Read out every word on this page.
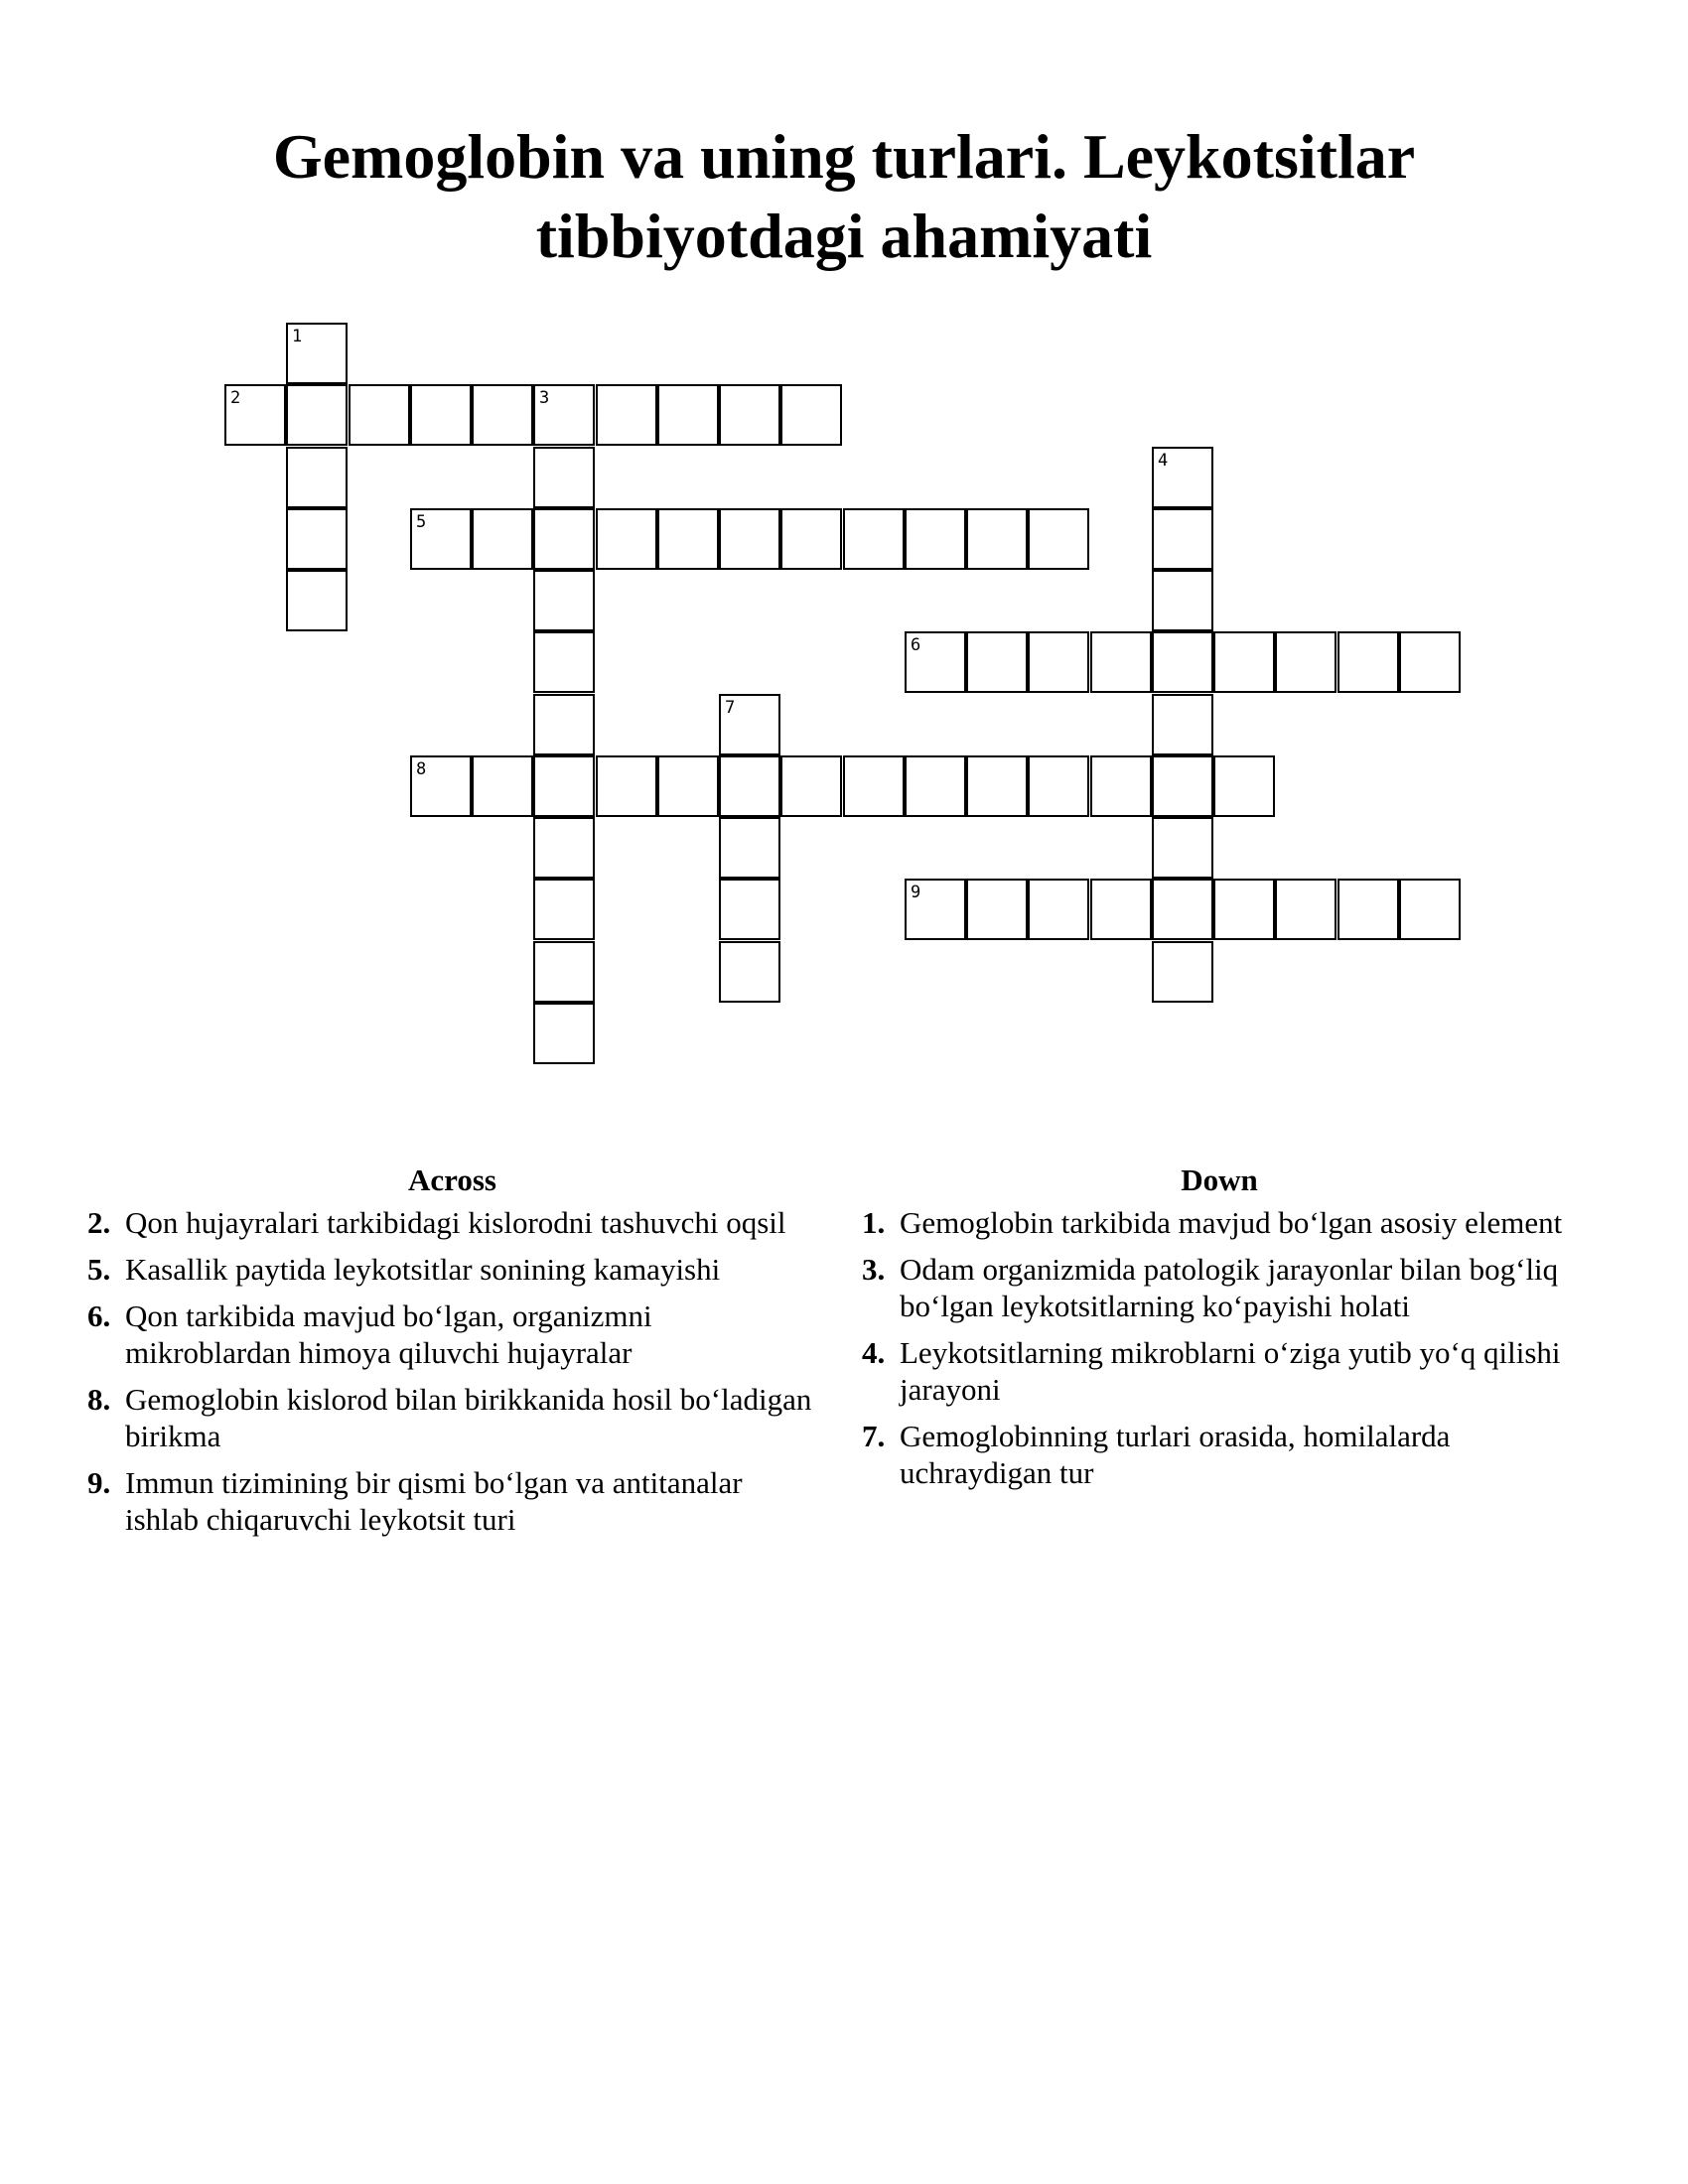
Gemoglobin va uning turlari. Leykotsitlar
tibbiyotdagi ahamiyati
1
2	3
4
5
6
7
8
9
Across
2. Qon hujayralari tarkibidagi kislorodni tashuvchi oqsil
5. Kasallik paytida leykotsitlar sonining kamayishi
6. Qon tarkibida mavjud bo‘lgan, organizmni mikroblardan himoya qiluvchi hujayralar
8. Gemoglobin kislorod bilan birikkanida hosil bo‘ladigan birikma
9. Immun tizimining bir qismi bo‘lgan va antitanalar ishlab chiqaruvchi leykotsit turi
Down
1. Gemoglobin tarkibida mavjud bo‘lgan asosiy element
3. Odam organizmida patologik jarayonlar bilan bog‘liq bo‘lgan leykotsitlarning ko‘payishi holati
4. Leykotsitlarning mikroblarni o‘ziga yutib yo‘q qilishi jarayoni
7. Gemoglobinning turlari orasida, homilalarda uchraydigan tur
